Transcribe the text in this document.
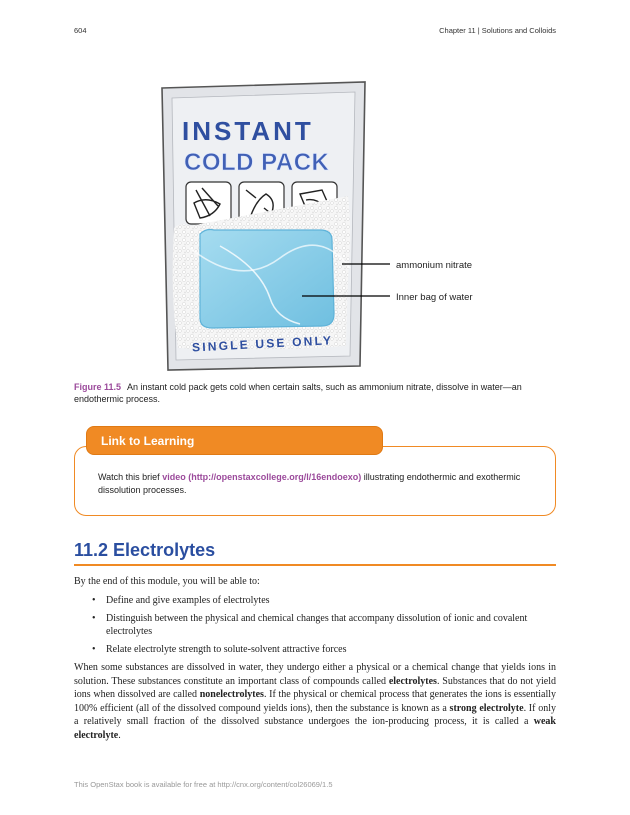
604	Chapter 11 | Solutions and Colloids
INSTANT
COLD PACK
SINGLE USE ONLY
ammonium nitrate
Inner bag of water
Figure 11.5 An instant cold pack gets cold when certain salts, such as ammonium nitrate, dissolve in water—an endothermic process.
Link to Learning
Watch this brief video (http://openstaxcollege.org/l/16endoexo) illustrating endothermic and exothermic dissolution processes.
11.2 Electrolytes
By the end of this module, you will be able to:
• Define and give examples of electrolytes
• Distinguish between the physical and chemical changes that accompany dissolution of ionic and covalent electrolytes
• Relate electrolyte strength to solute-solvent attractive forces

When some substances are dissolved in water, they undergo either a physical or a chemical change that yields ions in solution. These substances constitute an important class of compounds called electrolytes. Substances that do not yield ions when dissolved are called nonelectrolytes. If the physical or chemical process that generates the ions is essentially 100% efficient (all of the dissolved compound yields ions), then the substance is known as a strong electrolyte. If only a relatively small fraction of the dissolved substance undergoes the ion-producing process, it is called a weak electrolyte.

This OpenStax book is available for free at http://cnx.org/content/col26069/1.5
